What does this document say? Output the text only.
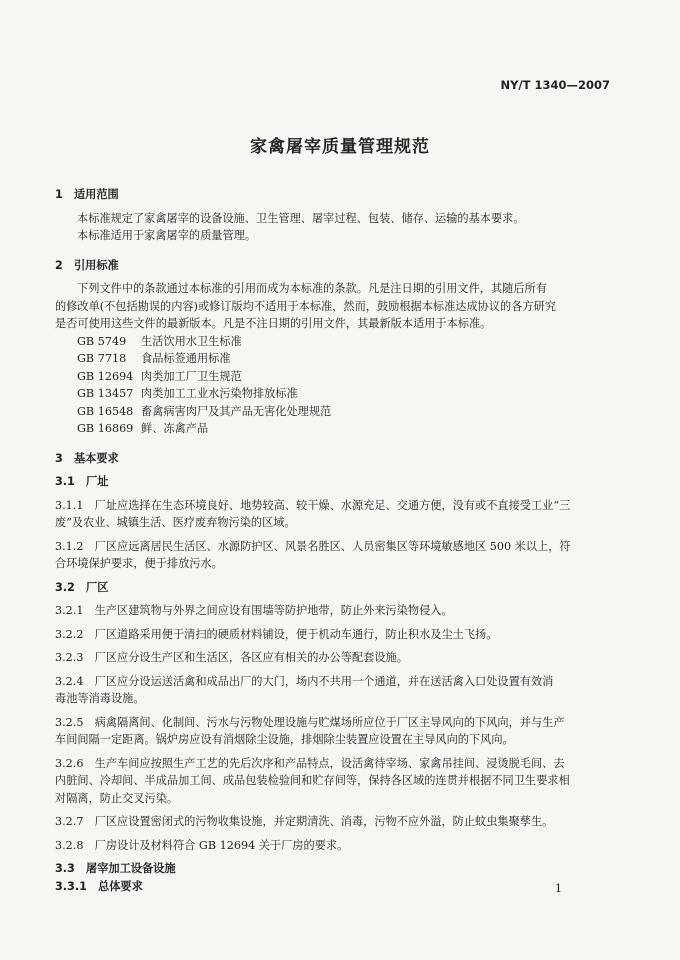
NY/T 1340—2007
家禽屠宰质量管理规范
1　适用范围
本标准规定了家禽屠宰的设备设施、卫生管理、屠宰过程、包装、储存、运输的基本要求。
本标准适用于家禽屠宰的质量管理。
2　引用标准
下列文件中的条款通过本标准的引用而成为本标准的条款。凡是注日期的引用文件，其随后所有
的修改单(不包括勘误的内容)或修订版均不适用于本标准，然而，鼓励根据本标准达成协议的各方研究
是否可使用这些文件的最新版本。凡是不注日期的引用文件，其最新版本适用于本标准。
GB 5749 生活饮用水卫生标准
GB 7718 食品标签通用标准
GB 12694 肉类加工厂卫生规范
GB 13457 肉类加工工业水污染物排放标准
GB 16548 畜禽病害肉尸及其产品无害化处理规范
GB 16869 鲜、冻禽产品
3　基本要求
3.1　厂址
3.1.1　厂址应选择在生态环境良好、地势较高、较干燥、水源充足、交通方便，没有或不直接受工业“三
废”及农业、城镇生活、医疗废弃物污染的区域。
3.1.2　厂区应远离居民生活区、水源防护区、风景名胜区、人员密集区等环境敏感地区 500 米以上，符
合环境保护要求，便于排放污水。
3.2　厂区
3.2.1　生产区建筑物与外界之间应设有围墙等防护地带，防止外来污染物侵入。
3.2.2　厂区道路采用便于清扫的硬质材料铺设，便于机动车通行，防止积水及尘土飞扬。
3.2.3　厂区应分设生产区和生活区，各区应有相关的办公等配套设施。
3.2.4　厂区应分设运送活禽和成品出厂的大门，场内不共用一个通道，并在送活禽入口处设置有效消
毒池等消毒设施。
3.2.5　病禽隔离间、化制间、污水与污物处理设施与贮煤场所应位于厂区主导风向的下风向，并与生产
车间间隔一定距离。锅炉房应设有消烟除尘设施，排烟除尘装置应设置在主导风向的下风向。
3.2.6　生产车间应按照生产工艺的先后次序和产品特点，设活禽待宰场、家禽吊挂间、浸烫脱毛间、去
内脏间、冷却间、半成品加工间、成品包装检验间和贮存间等，保持各区域的连贯并根据不同卫生要求相
对隔离，防止交叉污染。
3.2.7　厂区应设置密闭式的污物收集设施，并定期清洗、消毒，污物不应外溢，防止蚊虫集聚孳生。
3.2.8　厂房设计及材料符合 GB 12694 关于厂房的要求。
3.3　屠宰加工设备设施
3.3.1　总体要求	1
